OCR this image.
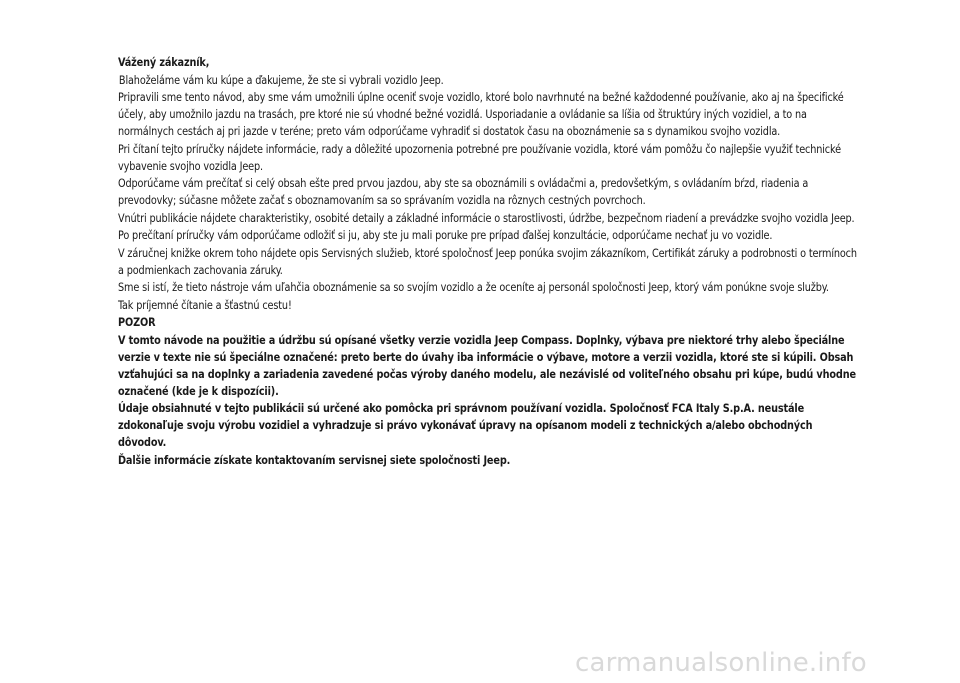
Vážený zákazník,
Blahoželáme vám ku kúpe a ďakujeme, že ste si vybrali vozidlo Jeep.
Pripravili sme tento návod, aby sme vám umožnili úplne oceniť svoje vozidlo, ktoré bolo navrhnuté na bežné každodenné používanie, ako aj na špecifické účely, aby umožnilo jazdu na trasách, pre ktoré nie sú vhodné bežné vozidlá. Usporiadanie a ovládanie sa líšia od štruktúry iných vozidiel, a to na normálnych cestách aj pri jazde v teréne; preto vám odporúčame vyhradiť si dostatok času na oboznámenie sa s dynamikou svojho vozidla.
Pri čítaní tejto príručky nájdete informácie, rady a dôležité upozornenia potrebné pre používanie vozidla, ktoré vám pomôžu čo najlepšie využiť technické vybavenie svojho vozidla Jeep.
Odporúčame vám prečítať si celý obsah ešte pred prvou jazdou, aby ste sa oboznámili s ovládačmi a, predovšetkým, s ovládaním bŕzd, riadenia a prevodovky; súčasne môžete začať s oboznamovaním sa so správaním vozidla na rôznych cestných povrchoch.
Vnútri publikácie nájdete charakteristiky, osobité detaily a základné informácie o starostlivosti, údržbe, bezpečnom riadení a prevádzke svojho vozidla Jeep.
Po prečítaní príručky vám odporúčame odložiť si ju, aby ste ju mali poruke pre prípad ďalšej konzultácie, odporúčame nechať ju vo vozidle.
V záručnej knižke okrem toho nájdete opis Servisných služieb, ktoré spoločnosť Jeep ponúka svojim zákazníkom, Certifikát záruky a podrobnosti o termínoch a podmienkach zachovania záruky.
Sme si istí, že tieto nástroje vám uľahčia oboznámenie sa so svojím vozidlo a že oceníte aj personál spoločnosti Jeep, ktorý vám ponúkne svoje služby.
Tak príjemné čítanie a šťastnú cestu!
POZOR
V tomto návode na použitie a údržbu sú opísané všetky verzie vozidla Jeep Compass. Doplnky, výbava pre niektoré trhy alebo špeciálne verzie v texte nie sú špeciálne označené: preto berte do úvahy iba informácie o výbave, motore a verzii vozidla, ktoré ste si kúpili. Obsah vzťahujúci sa na doplnky a zariadenia zavedené počas výroby daného modelu, ale nezávislé od voliteľného obsahu pri kúpe, budú vhodne označené (kde je k dispozícii).
Údaje obsiahnuté v tejto publikácii sú určené ako pomôcka pri správnom používaní vozidla. Spoločnosť FCA Italy S.p.A. neustále zdokonaľuje svoju výrobu vozidiel a vyhradzuje si právo vykonávať úpravy na opísanom modeli z technických a/alebo obchodných dôvodov.
Ďalšie informácie získate kontaktovaním servisnej siete spoločnosti Jeep.
carmanualsonline.info
